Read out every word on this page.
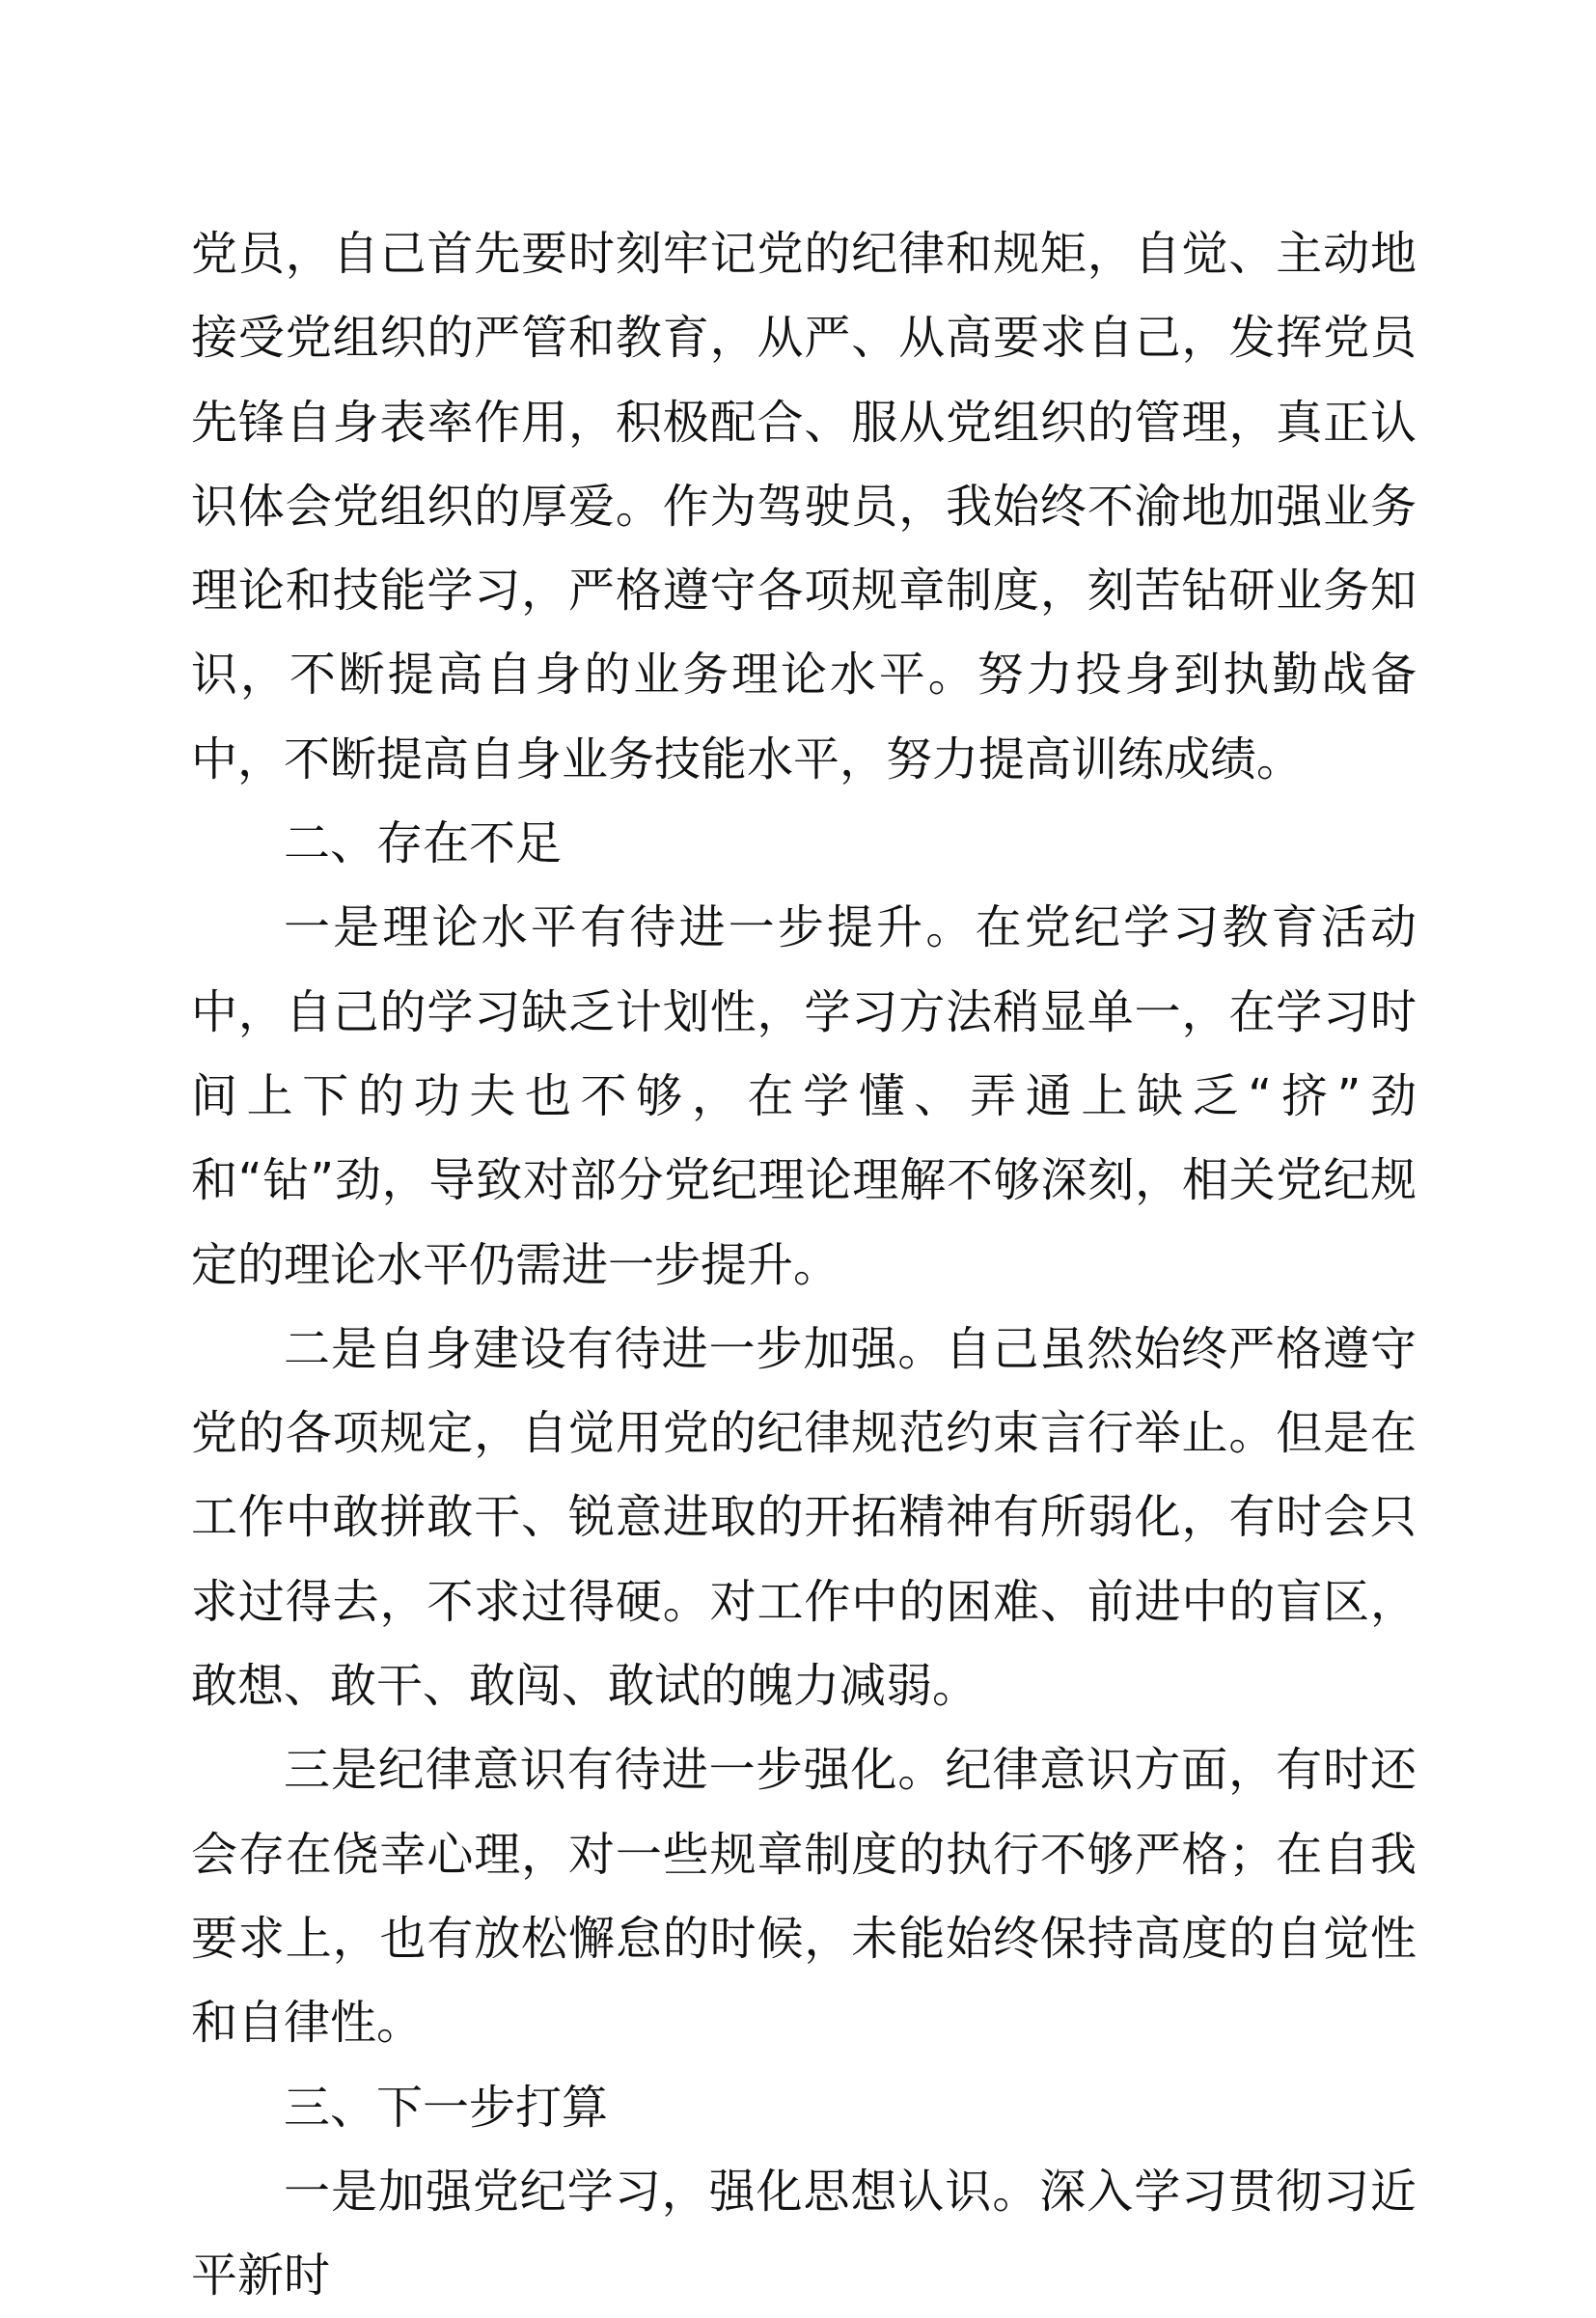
党员，自己首先要时刻牢记党的纪律和规矩，自觉、主动地接受党组织的严管和教育，从严、从高要求自己，发挥党员先锋自身表率作用，积极配合、服从党组织的管理，真正认识体会党组织的厚爱。作为驾驶员，我始终不渝地加强业务理论和技能学习，严格遵守各项规章制度，刻苦钻研业务知识，不断提高自身的业务理论水平。努力投身到执勤战备中，不断提高自身业务技能水平，努力提高训练成绩。

二、存在不足

一是理论水平有待进一步提升。在党纪学习教育活动中，自己的学习缺乏计划性，学习方法稍显单一，在学习时间上下的功夫也不够，在学懂、弄通上缺乏“挤”劲和“钻”劲，导致对部分党纪理论理解不够深刻，相关党纪规定的理论水平仍需进一步提升。

二是自身建设有待进一步加强。自己虽然始终严格遵守党的各项规定，自觉用党的纪律规范约束言行举止。但是在工作中敢拼敢干、锐意进取的开拓精神有所弱化，有时会只求过得去，不求过得硬。对工作中的困难、前进中的盲区，敢想、敢干、敢闯、敢试的魄力减弱。

三是纪律意识有待进一步强化。纪律意识方面，有时还会存在侥幸心理，对一些规章制度的执行不够严格；在自我要求上，也有放松懈怠的时候，未能始终保持高度的自觉性和自律性。

三、下一步打算

一是加强党纪学习，强化思想认识。深入学习贯彻习近平新时
